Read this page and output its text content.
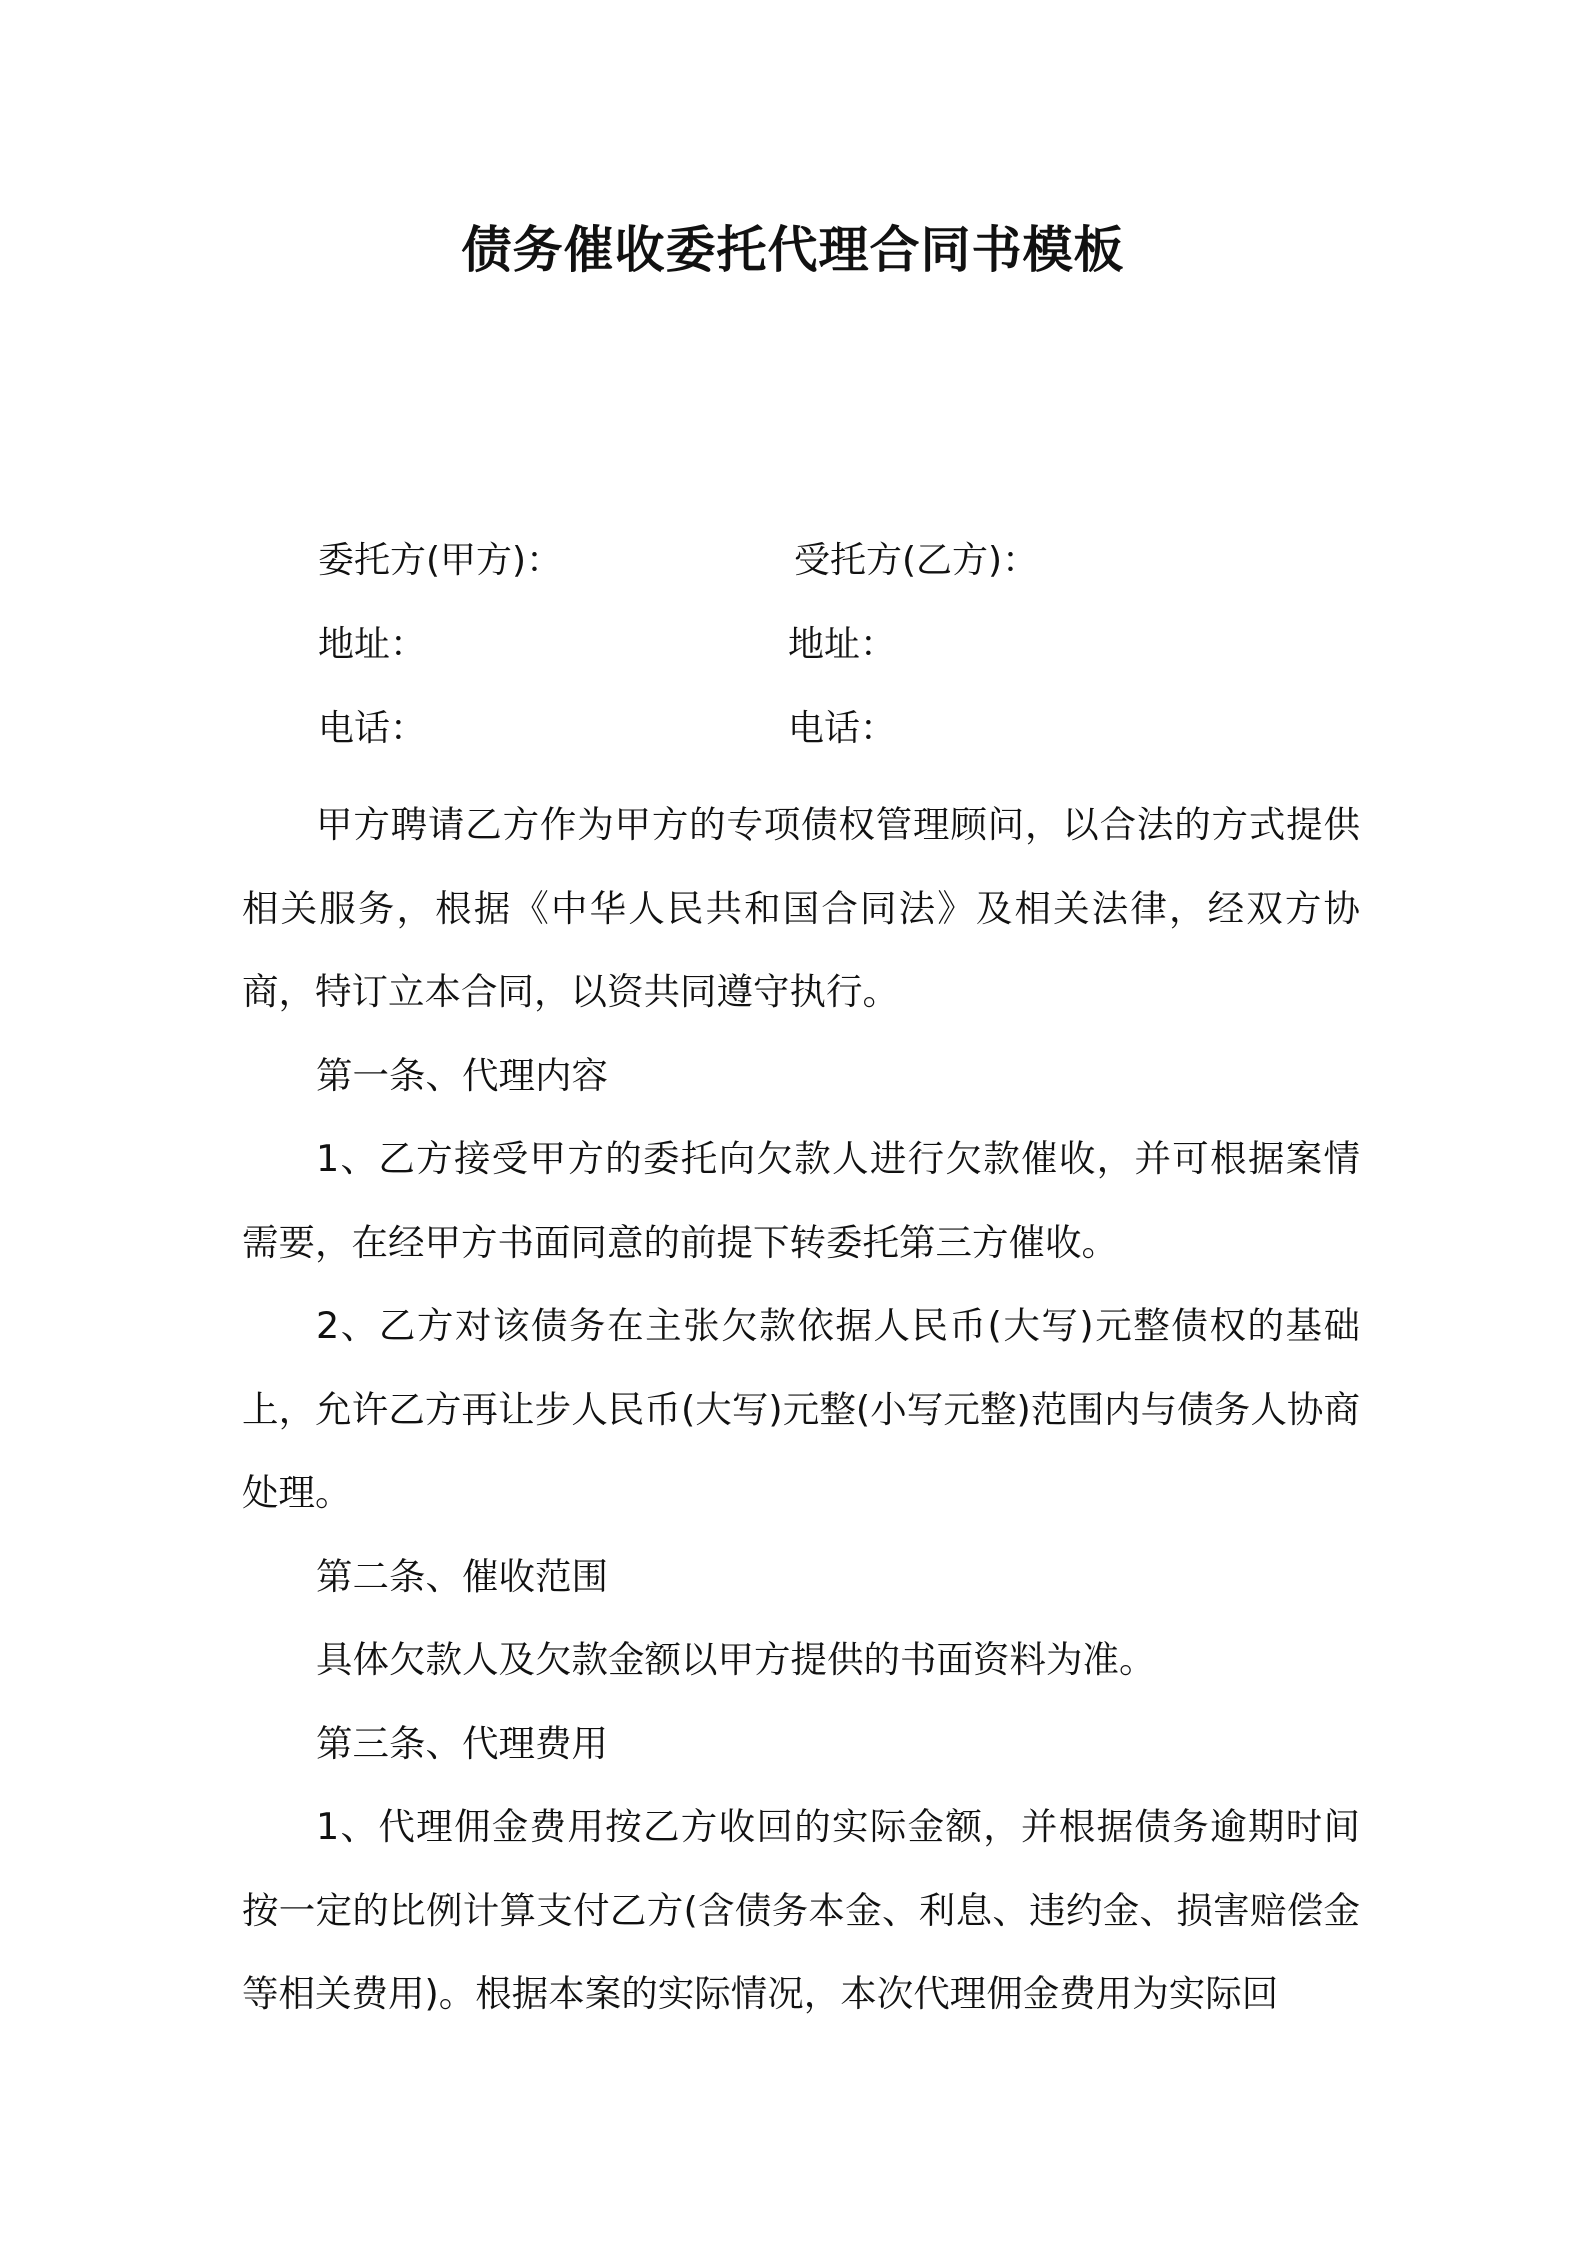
债务催收委托代理合同书模板
委托方(甲方)：	受托方(乙方)：
地址：	地址：
电话：	电话：

甲方聘请乙方作为甲方的专项债权管理顾问，以合法的方式提供相关服务，根据《中华人民共和国合同法》及相关法律，经双方协商，特订立本合同，以资共同遵守执行。

第一条、代理内容

1、乙方接受甲方的委托向欠款人进行欠款催收，并可根据案情需要，在经甲方书面同意的前提下转委托第三方催收。

2、乙方对该债务在主张欠款依据人民币(大写)元整债权的基础上，允许乙方再让步人民币(大写)元整(小写元整)范围内与债务人协商处理。

第二条、催收范围

具体欠款人及欠款金额以甲方提供的书面资料为准。

第三条、代理费用

1、代理佣金费用按乙方收回的实际金额，并根据债务逾期时间按一定的比例计算支付乙方(含债务本金、利息、违约金、损害赔偿金等相关费用)。根据本案的实际情况，本次代理佣金费用为实际回
